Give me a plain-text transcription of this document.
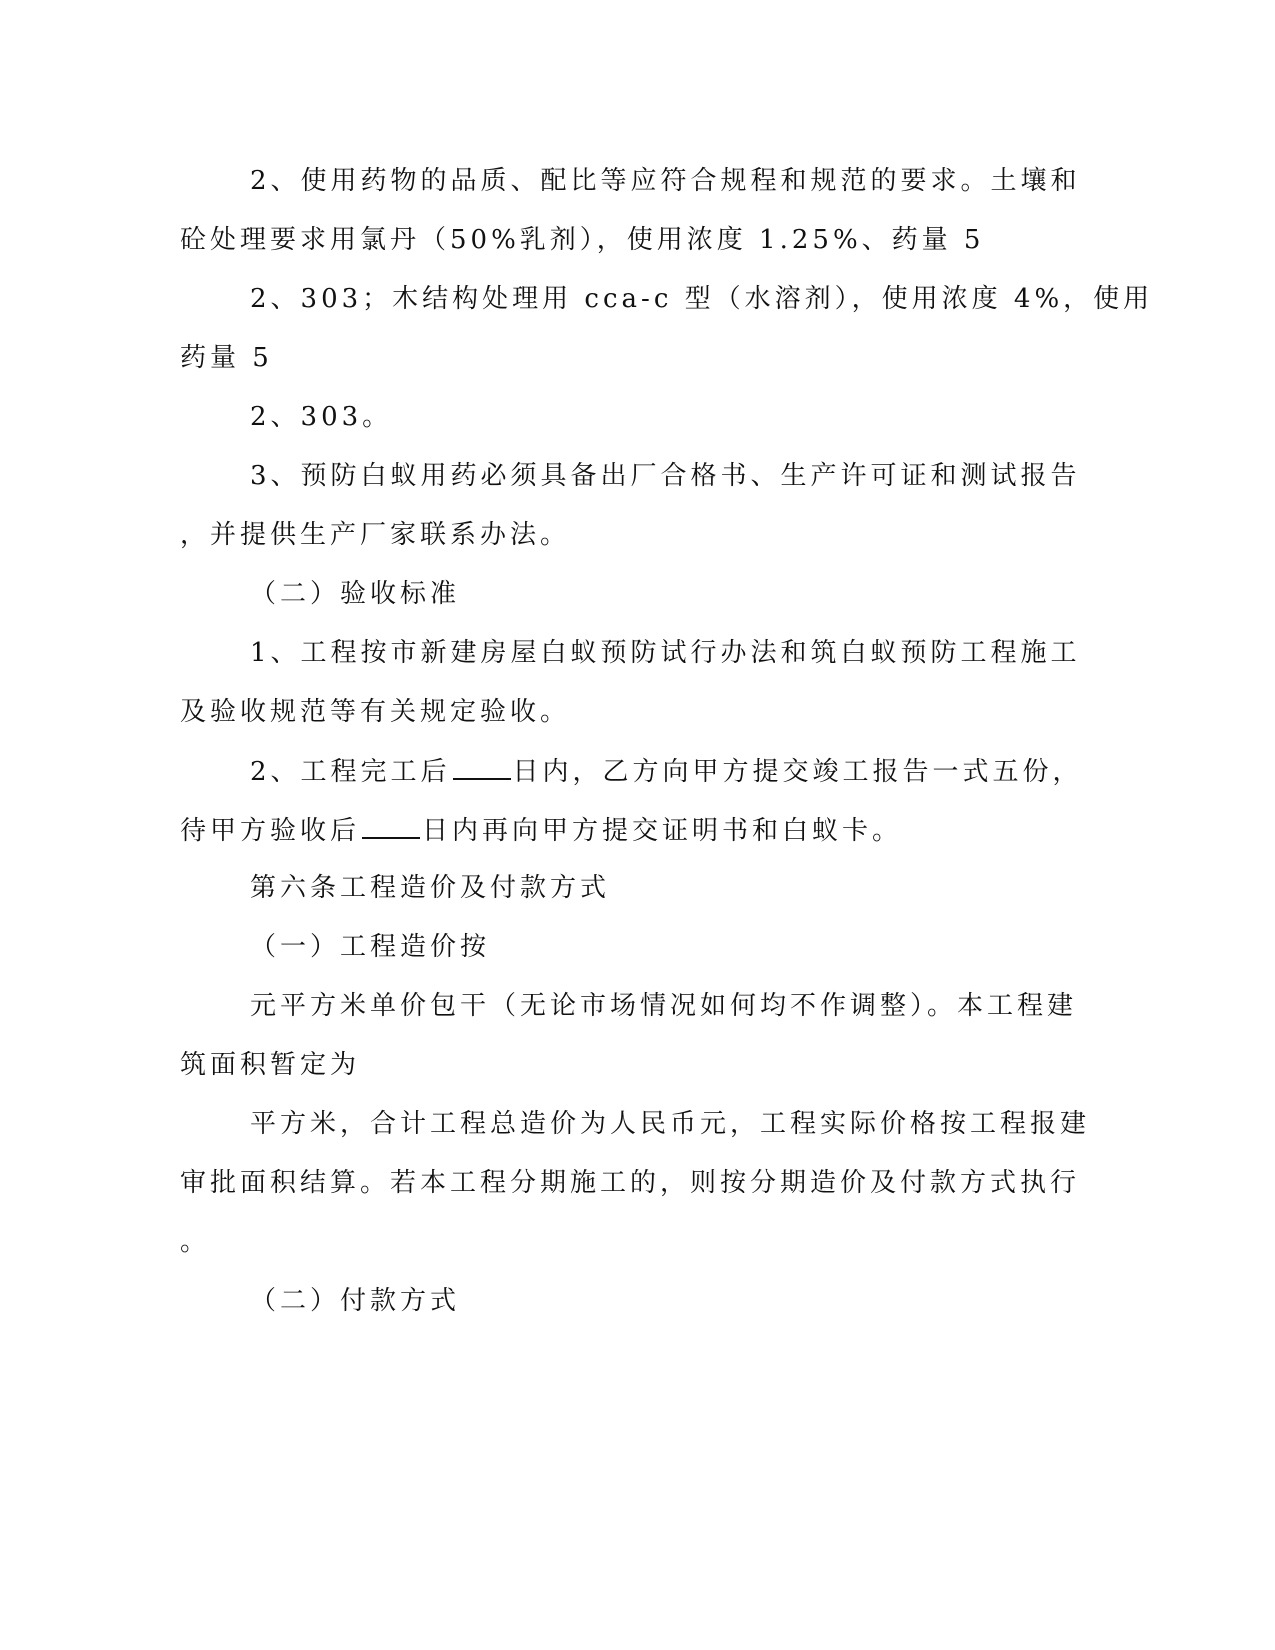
2、使用药物的品质、配比等应符合规程和规范的要求。土壤和
砼处理要求用氯丹（50%乳剂），使用浓度 1.25%、药量 5
2、303；木结构处理用 cca-c 型（水溶剂），使用浓度 4%，使用
药量 5
2、303。
3、预防白蚁用药必须具备出厂合格书、生产许可证和测试报告
，并提供生产厂家联系办法。
（二）验收标准
1、工程按市新建房屋白蚁预防试行办法和筑白蚁预防工程施工
及验收规范等有关规定验收。
2、工程完工后 日内，乙方向甲方提交竣工报告一式五份，
待甲方验收后 日内再向甲方提交证明书和白蚁卡。
第六条工程造价及付款方式
（一）工程造价按
元平方米单价包干（无论市场情况如何均不作调整）。本工程建
筑面积暂定为
平方米，合计工程总造价为人民币元，工程实际价格按工程报建
审批面积结算。若本工程分期施工的，则按分期造价及付款方式执行
。
（二）付款方式
